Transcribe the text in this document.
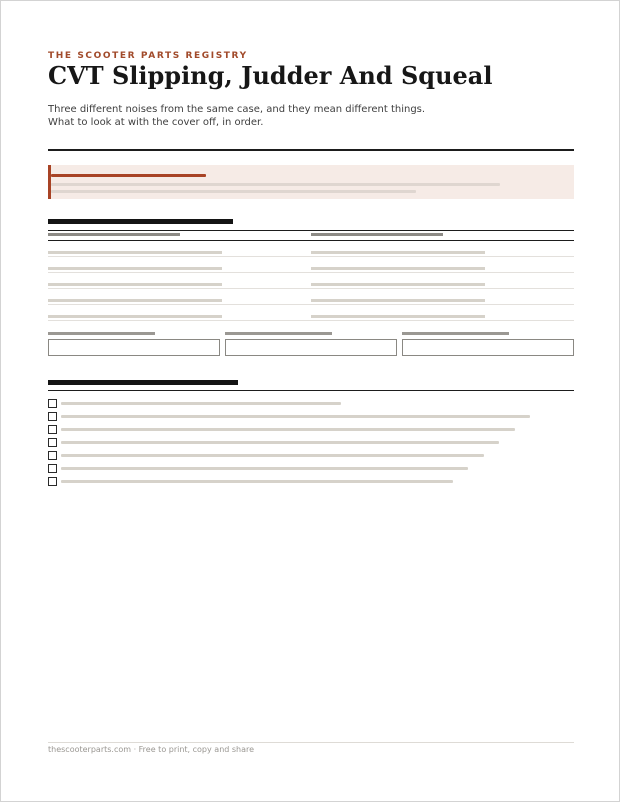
THE SCOOTER PARTS REGISTRY
CVT Slipping, Judder And Squeal
Three different noises from the same case, and they mean different things.
What to look at with the cover off, in order.
thescooterparts.com · Free to print, copy and share
